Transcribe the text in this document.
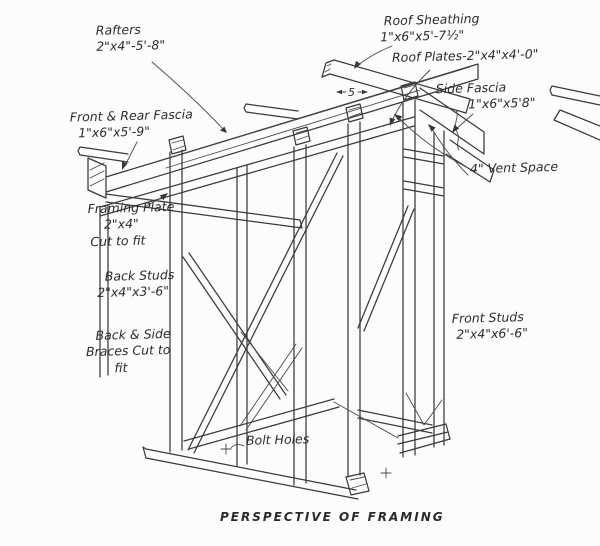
5
Rafters
2"x4"-5'-8"
Roof Sheathing
1"x6"x5'-7½"
Roof Plates-2"x4"x4'-0"
Side Fascia
1"x6"x5'8"
Front & Rear Fascia
1"x6"x5'-9"
Framing Plate
2"x4"
Cut to fit
Back Studs
2"x4"x3'-6"
Back & Side
Braces Cut to
fit
Front Studs
2"x4"x6'-6"
4" Vent Space
Bolt Holes
PERSPECTIVE OF FRAMING
